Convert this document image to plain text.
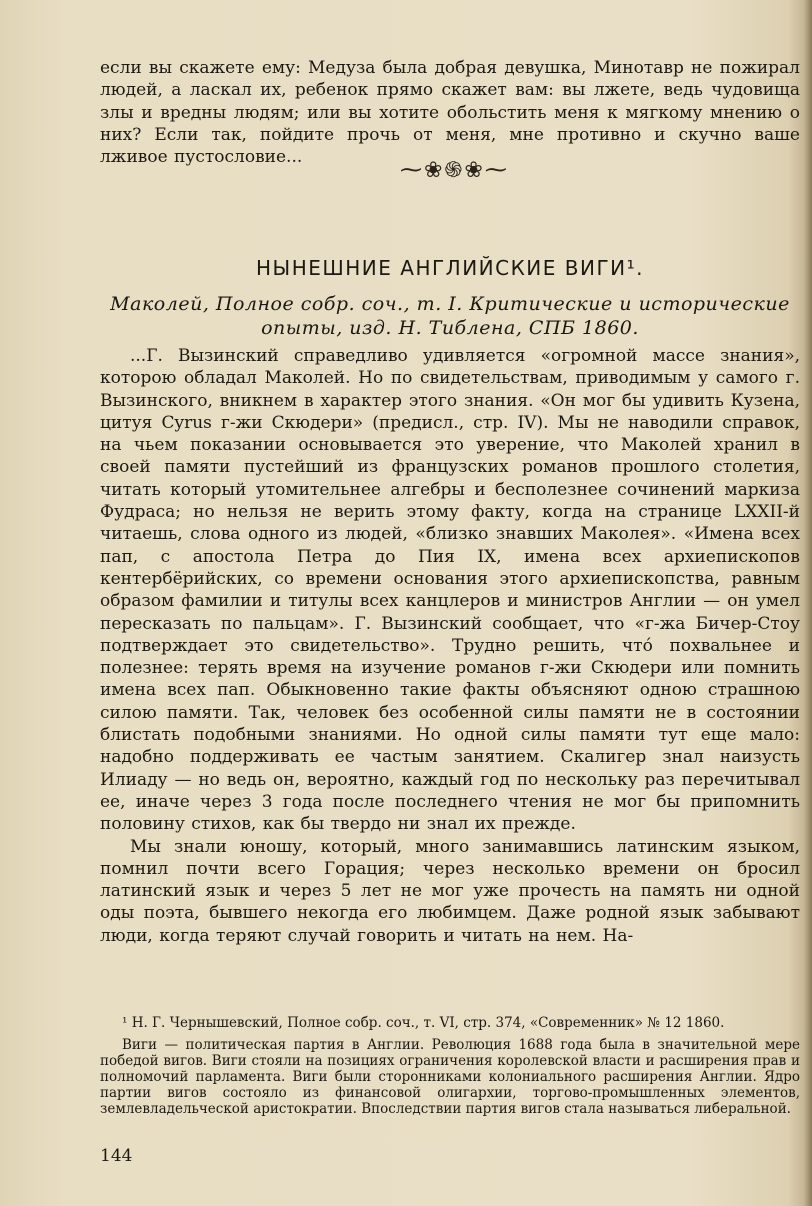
если вы скажете ему: Медуза была добрая девушка, Минотавр не пожирал людей, а ласкал их, ребенок прямо скажет вам: вы лжете, ведь чудовища злы и вредны людям; или вы хотите обольстить меня к мягкому мнению о них? Если так, пойдите прочь от меня, мне противно и скучно ваше лживое пустословие...

⁓❀֍❀⁓
НЫНЕШНИЕ АНГЛИЙСКИЕ ВИГИ¹.
Маколей, Полное собр. соч., т. I. Критические и исторические опыты, изд. Н. Тиблена, СПБ 1860.

...Г. Вызинский справедливо удивляется «огромной массе знания», которою обладал Маколей. Но по свидетельствам, приводимым у самого г. Вызинского, вникнем в характер этого знания. «Он мог бы удивить Кузена, цитуя Cyrus г-жи Скюдери» (предисл., стр. IV). Мы не наводили справок, на чьем показании основывается это уверение, что Маколей хранил в своей памяти пустейший из французских романов прошлого столетия, читать который утомительнее алгебры и бесполезнее сочинений маркиза Фудраса; но нельзя не верить этому факту, когда на странице LXXII-й читаешь, слова одного из людей, «близко знавших Маколея». «Имена всех пап, с апостола Петра до Пия IX, имена всех архиепископов кентербёрийских, со времени основания этого архиепископства, равным образом фамилии и титулы всех канцлеров и министров Англии — он умел пересказать по пальцам». Г. Вызинский сообщает, что «г-жа Бичер-Стоу подтверждает это свидетельство». Трудно решить, что́ похвальнее и полезнее: терять время на изучение романов г-жи Скюдери или помнить имена всех пап. Обыкновенно такие факты объясняют одною страшною силою памяти. Так, человек без особенной силы памяти не в состоянии блистать подобными знаниями. Но одной силы памяти тут еще мало: надобно поддерживать ее частым занятием. Скалигер знал наизусть Илиаду — но ведь он, вероятно, каждый год по нескольку раз перечитывал ее, иначе через 3 года после последнего чтения не мог бы припомнить половину стихов, как бы твердо ни знал их прежде.

Мы знали юношу, который, много занимавшись латинским языком, помнил почти всего Горация; через несколько времени он бросил латинский язык и через 5 лет не мог уже прочесть на память ни одной оды поэта, бывшего некогда его любимцем. Даже родной язык забывают люди, когда теряют случай говорить и читать на нем. На-

¹ Н. Г. Чернышевский, Полное собр. соч., т. VI, стр. 374, «Современник» № 12 1860.

Виги — политическая партия в Англии. Революция 1688 года была в значительной мере победой вигов. Виги стояли на позициях ограничения королевской власти и расширения прав и полномочий парламента. Виги были сторонниками колониального расширения Англии. Ядро партии вигов состояло из финансовой олигархии, торгово-промышленных элементов, землевладельческой аристократии. Впоследствии партия вигов стала называться либеральной.

144
